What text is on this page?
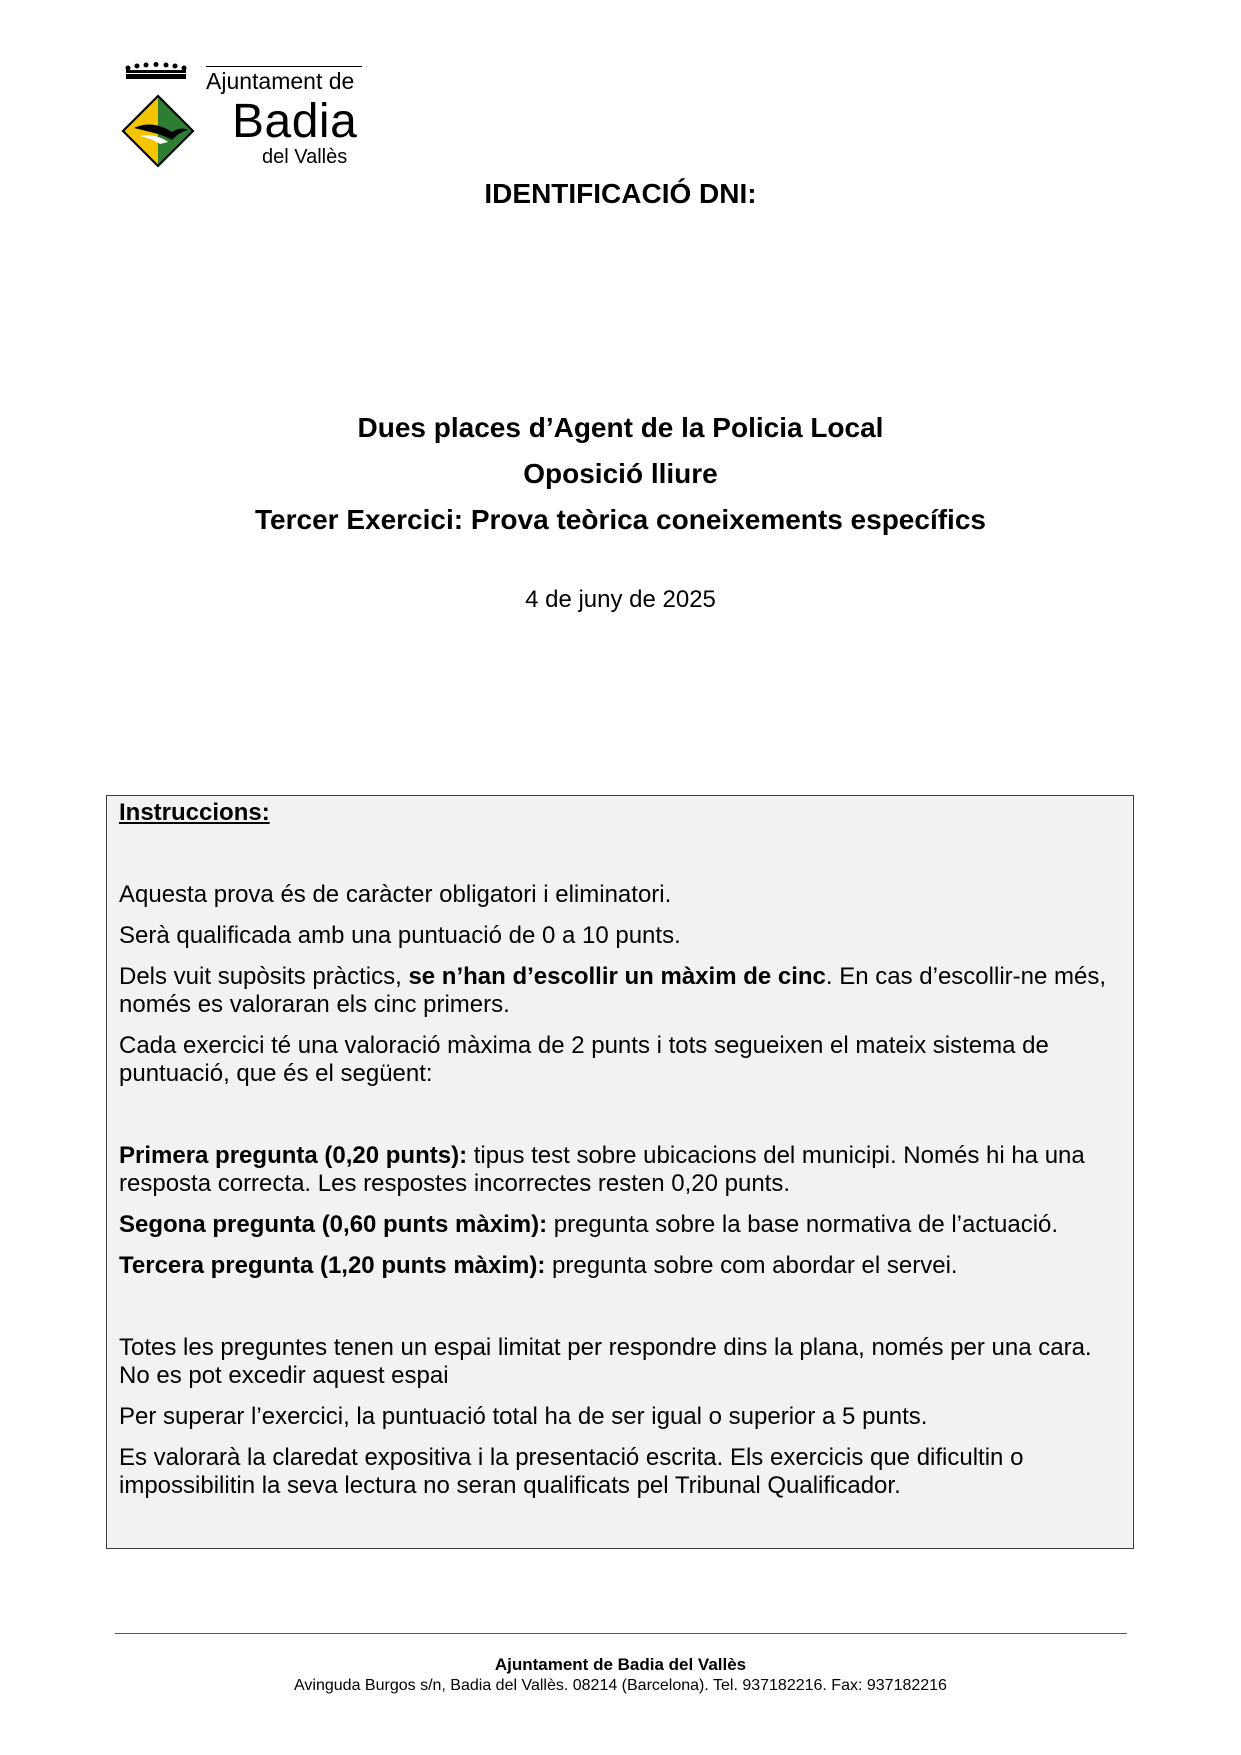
Ajuntament de
Badia
del Vallès
IDENTIFICACIÓ DNI:
Dues places d’Agent de la Policia Local
Oposició lliure
Tercer Exercici: Prova teòrica coneixements específics
4 de juny de 2025
Instruccions:

Aquesta prova és de caràcter obligatori i eliminatori.

Serà qualificada amb una puntuació de 0 a 10 punts.

Dels vuit supòsits pràctics, se n’han d’escollir un màxim de cinc. En cas d’escollir-ne més, només es valoraran els cinc primers.

Cada exercici té una valoració màxima de 2 punts i tots segueixen el mateix sistema de puntuació, que és el següent:

Primera pregunta (0,20 punts): tipus test sobre ubicacions del municipi. Només hi ha una resposta correcta. Les respostes incorrectes resten 0,20 punts.

Segona pregunta (0,60 punts màxim): pregunta sobre la base normativa de l’actuació.

Tercera pregunta (1,20 punts màxim): pregunta sobre com abordar el servei.

Totes les preguntes tenen un espai limitat per respondre dins la plana, només per una cara. No es pot excedir aquest espai

Per superar l’exercici, la puntuació total ha de ser igual o superior a 5 punts.

Es valorarà la claredat expositiva i la presentació escrita. Els exercicis que dificultin o impossibilitin la seva lectura no seran qualificats pel Tribunal Qualificador.

Ajuntament de Badia del Vallès
Avinguda Burgos s/n, Badia del Vallès. 08214 (Barcelona). Tel. 937182216. Fax: 937182216
